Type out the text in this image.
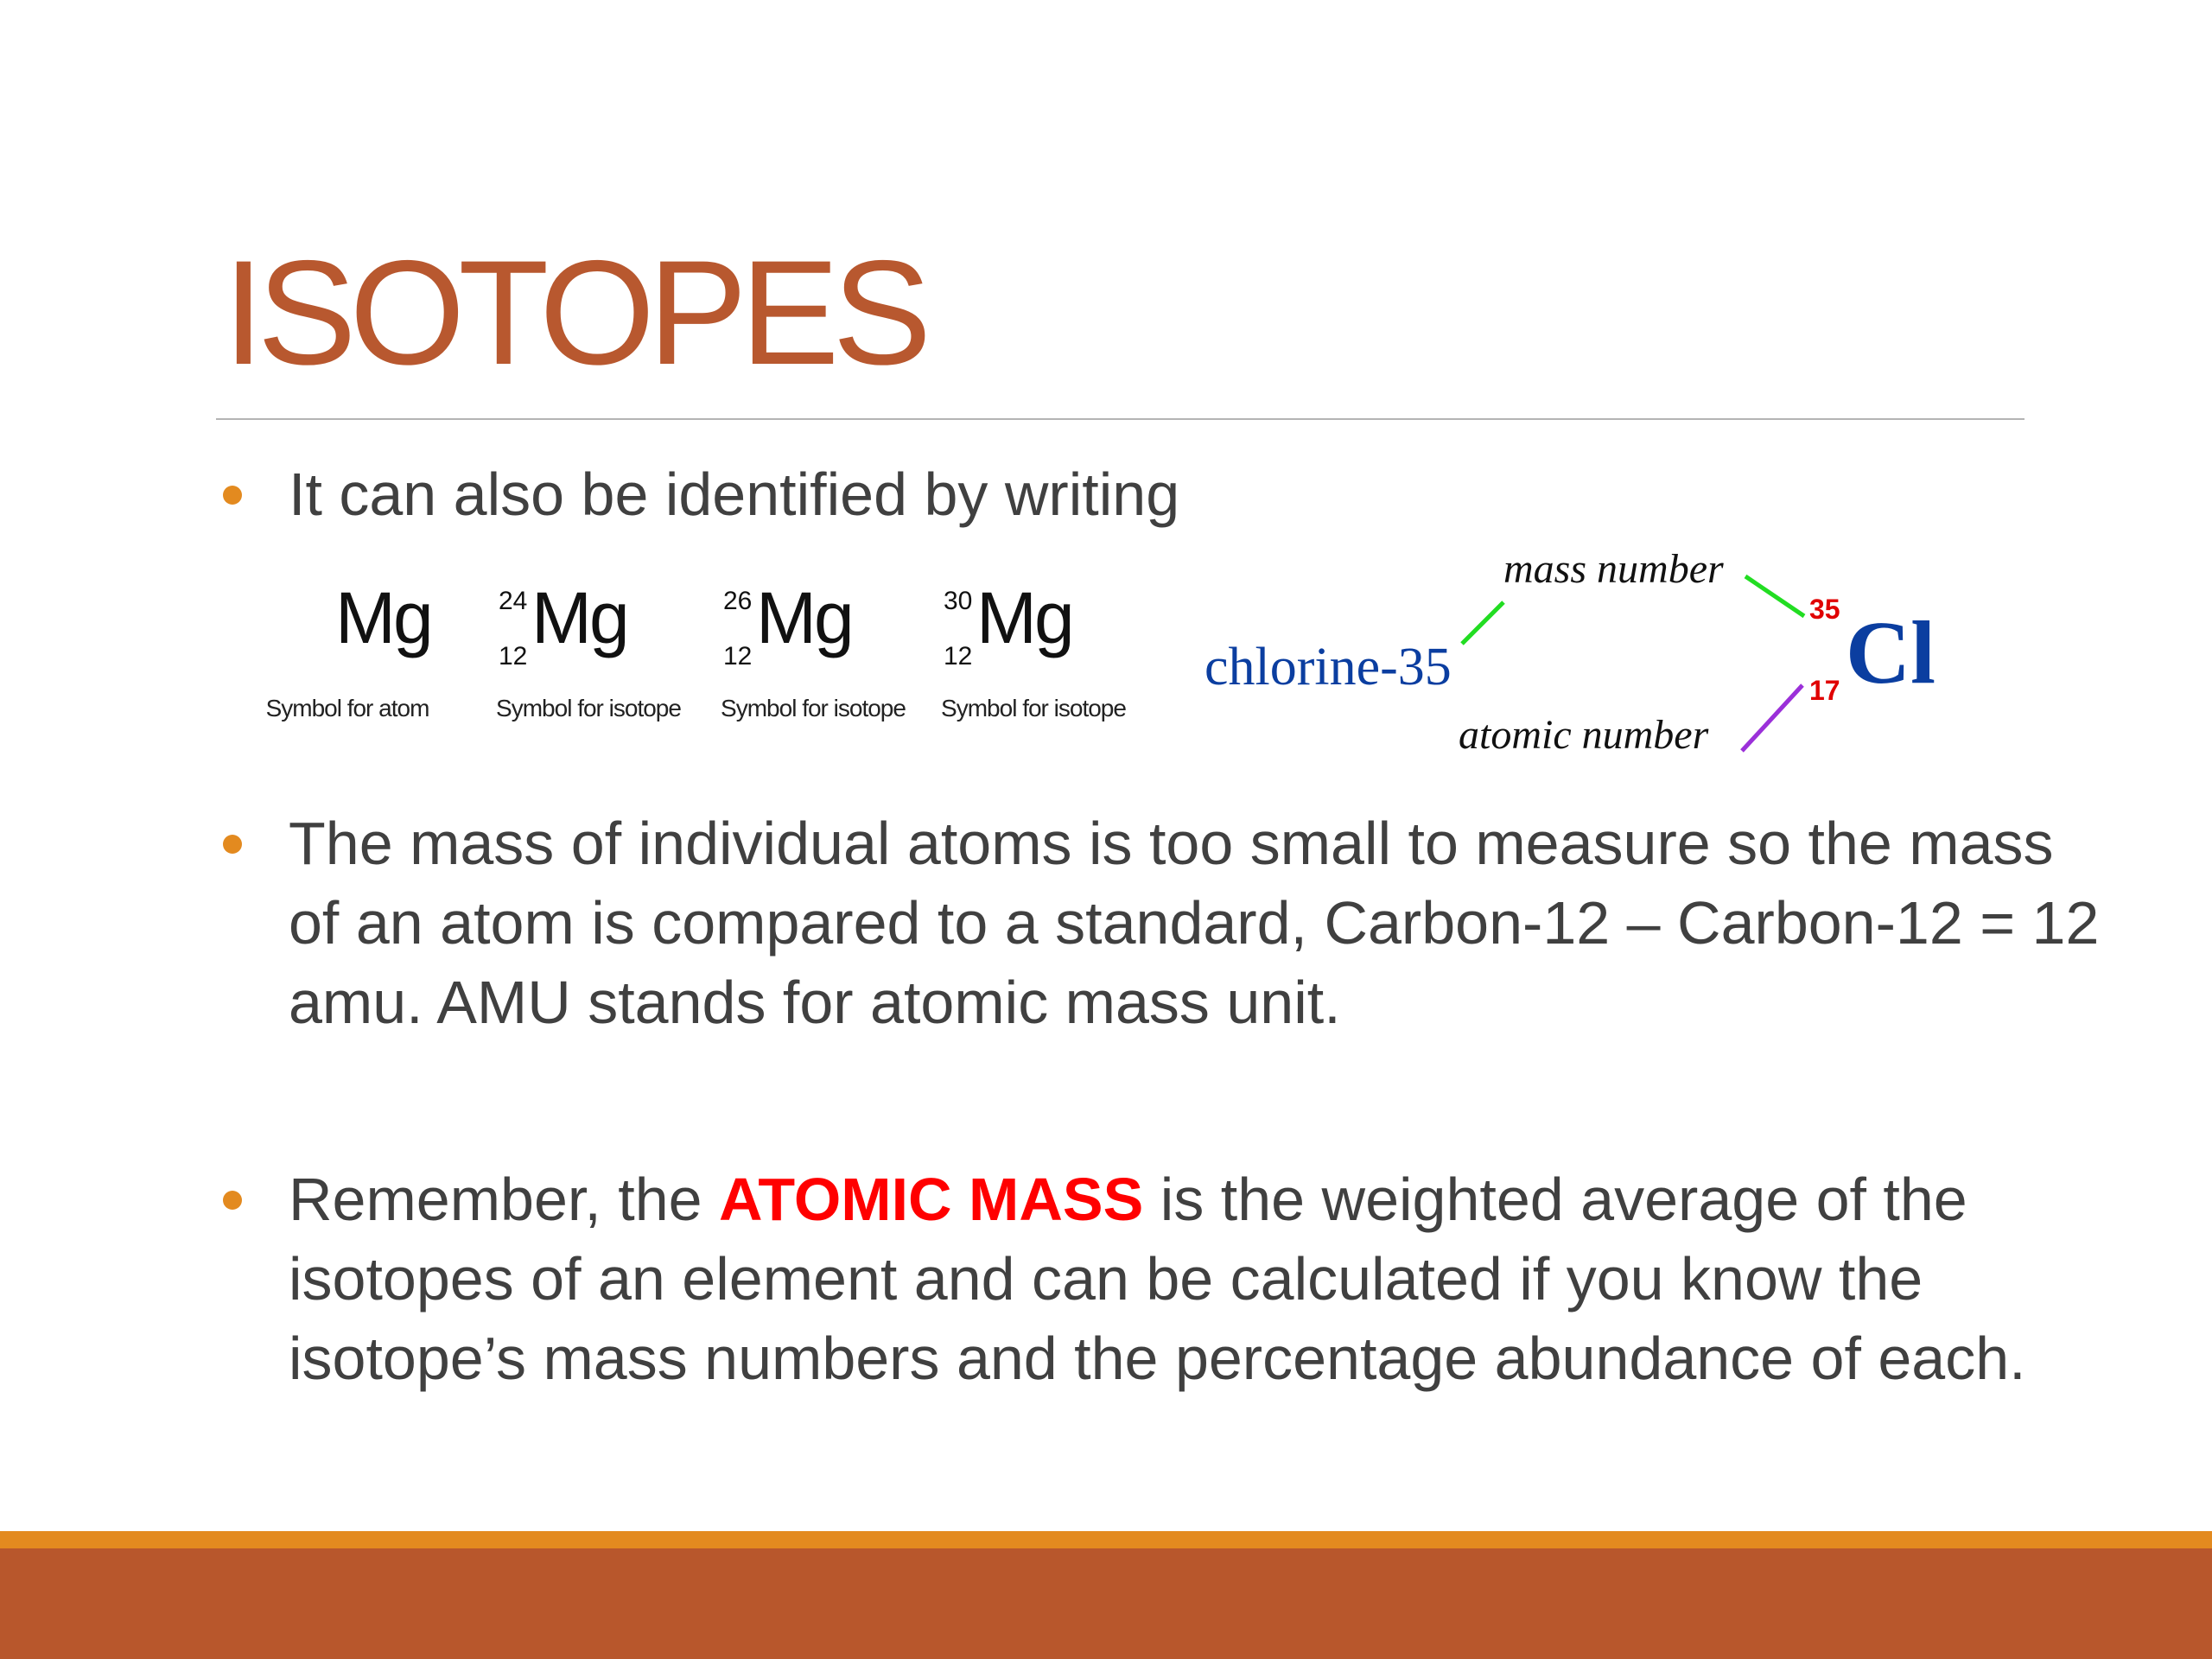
ISOTOPES
It can also be identified by writing
Mg
Symbol for atom
24
12 Mg
Symbol for isotope
26
12 Mg
Symbol for isotope
30
12 Mg
Symbol for isotope
mass number
chlorine-35
35
17 Cl
atomic number
The mass of individual atoms is too small to measure so the mass of an atom is compared to a standard, Carbon-12 – Carbon-12 = 12 amu. AMU stands for atomic mass unit.
Remember, the ATOMIC MASS is the weighted average of the isotopes of an element and can be calculated if you know the isotope’s mass numbers and the percentage abundance of each.
